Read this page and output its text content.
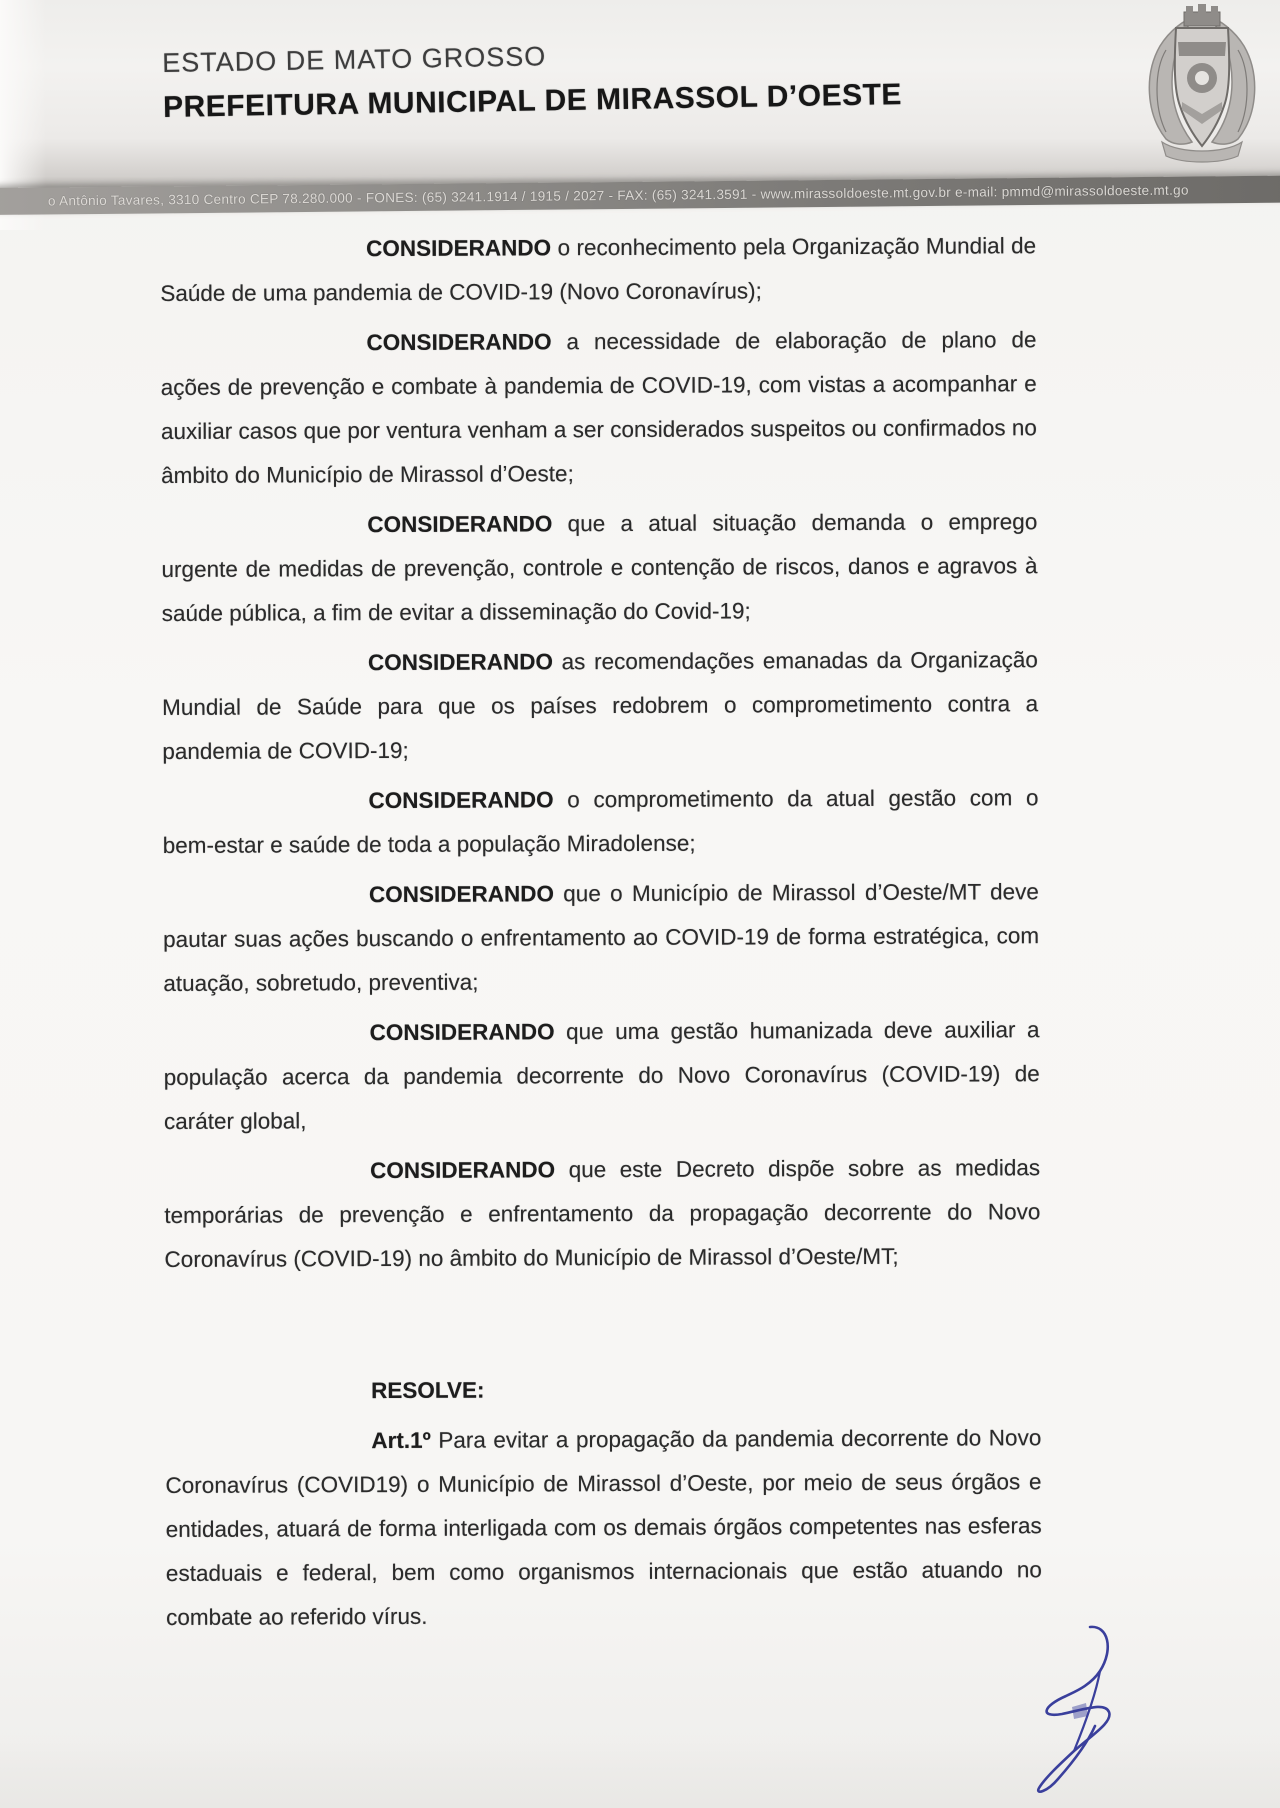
ESTADO DE MATO GROSSO
PREFEITURA MUNICIPAL DE MIRASSOL D’OESTE
o Antônio Tavares, 3310 Centro CEP 78.280.000 - FONES: (65) 3241.1914 / 1915 / 2027 - FAX: (65) 3241.3591 - www.mirassoldoeste.mt.gov.br e-mail: pmmd@mirassoldoeste.mt.go

CONSIDERANDO o reconhecimento pela Organização Mundial de Saúde de uma pandemia de COVID-19 (Novo Coronavírus);

CONSIDERANDO a necessidade de elaboração de plano de ações de prevenção e combate à pandemia de COVID-19, com vistas a acompanhar e auxiliar casos que por ventura venham a ser considerados suspeitos ou confirmados no âmbito do Município de Mirassol d’Oeste;

CONSIDERANDO que a atual situação demanda o emprego urgente de medidas de prevenção, controle e contenção de riscos, danos e agravos à saúde pública, a fim de evitar a disseminação do Covid-19;

CONSIDERANDO as recomendações emanadas da Organização Mundial de Saúde para que os países redobrem o comprometimento contra a pandemia de COVID-19;

CONSIDERANDO o comprometimento da atual gestão com o bem-estar e saúde de toda a população Miradolense;

CONSIDERANDO que o Município de Mirassol d’Oeste/MT deve pautar suas ações buscando o enfrentamento ao COVID-19 de forma estratégica, com atuação, sobretudo, preventiva;

CONSIDERANDO que uma gestão humanizada deve auxiliar a população acerca da pandemia decorrente do Novo Coronavírus (COVID-19) de caráter global,

CONSIDERANDO que este Decreto dispõe sobre as medidas temporárias de prevenção e enfrentamento da propagação decorrente do Novo Coronavírus (COVID-19) no âmbito do Município de Mirassol d’Oeste/MT;

RESOLVE:

Art.1º Para evitar a propagação da pandemia decorrente do Novo Coronavírus (COVID19) o Município de Mirassol d’Oeste, por meio de seus órgãos e entidades, atuará de forma interligada com os demais órgãos competentes nas esferas estaduais e federal, bem como organismos internacionais que estão atuando no combate ao referido vírus.
